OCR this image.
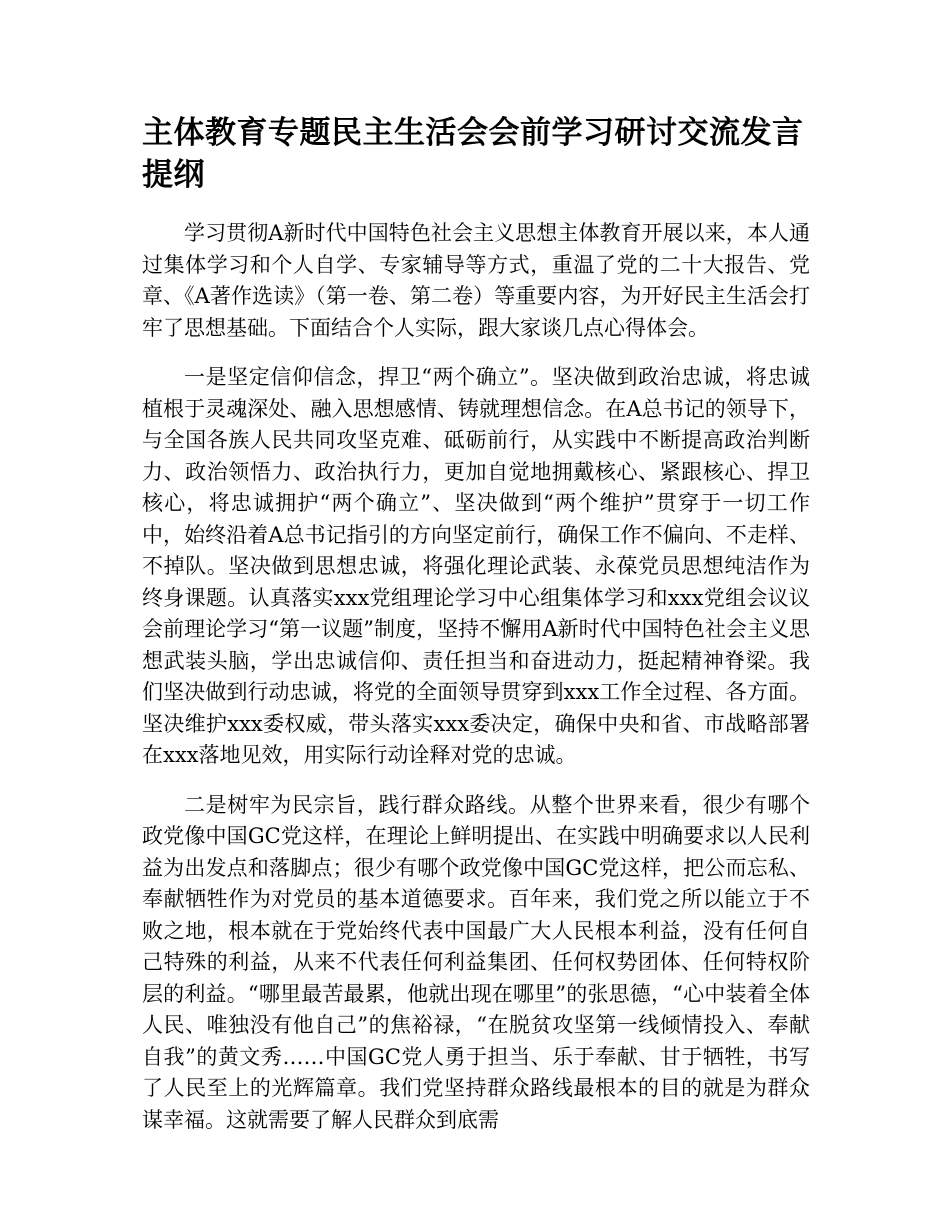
主体教育专题民主生活会会前学习研讨交流发言提纲

学习贯彻A新时代中国特色社会主义思想主体教育开展以来，本人通过集体学习和个人自学、专家辅导等方式，重温了党的二十大报告、党章、《A著作选读》（第一卷、第二卷）等重要内容，为开好民主生活会打牢了思想基础。下面结合个人实际，跟大家谈几点心得体会。

一是坚定信仰信念，捍卫“两个确立”。坚决做到政治忠诚，将忠诚植根于灵魂深处、融入思想感情、铸就理想信念。在A总书记的领导下，与全国各族人民共同攻坚克难、砥砺前行，从实践中不断提高政治判断力、政治领悟力、政治执行力，更加自觉地拥戴核心、紧跟核心、捍卫核心，将忠诚拥护“两个确立”、坚决做到“两个维护”贯穿于一切工作中，始终沿着A总书记指引的方向坚定前行，确保工作不偏向、不走样、不掉队。坚决做到思想忠诚，将强化理论武装、永葆党员思想纯洁作为终身课题。认真落实xxx党组理论学习中心组集体学习和xxx党组会议议会前理论学习“第一议题”制度，坚持不懈用A新时代中国特色社会主义思想武装头脑，学出忠诚信仰、责任担当和奋进动力，挺起精神脊梁。我们坚决做到行动忠诚，将党的全面领导贯穿到xxx工作全过程、各方面。坚决维护xxx委权威，带头落实xxx委决定，确保中央和省、市战略部署在xxx落地见效，用实际行动诠释对党的忠诚。

二是树牢为民宗旨，践行群众路线。从整个世界来看，很少有哪个政党像中国GC党这样，在理论上鲜明提出、在实践中明确要求以人民利益为出发点和落脚点；很少有哪个政党像中国GC党这样，把公而忘私、奉献牺牲作为对党员的基本道德要求。百年来，我们党之所以能立于不败之地，根本就在于党始终代表中国最广大人民根本利益，没有任何自己特殊的利益，从来不代表任何利益集团、任何权势团体、任何特权阶层的利益。“哪里最苦最累，他就出现在哪里”的张思德，“心中装着全体人民、唯独没有他自己”的焦裕禄，“在脱贫攻坚第一线倾情投入、奉献自我”的黄文秀……中国GC党人勇于担当、乐于奉献、甘于牺牲，书写了人民至上的光辉篇章。我们党坚持群众路线最根本的目的就是为群众谋幸福。这就需要了解人民群众到底需
